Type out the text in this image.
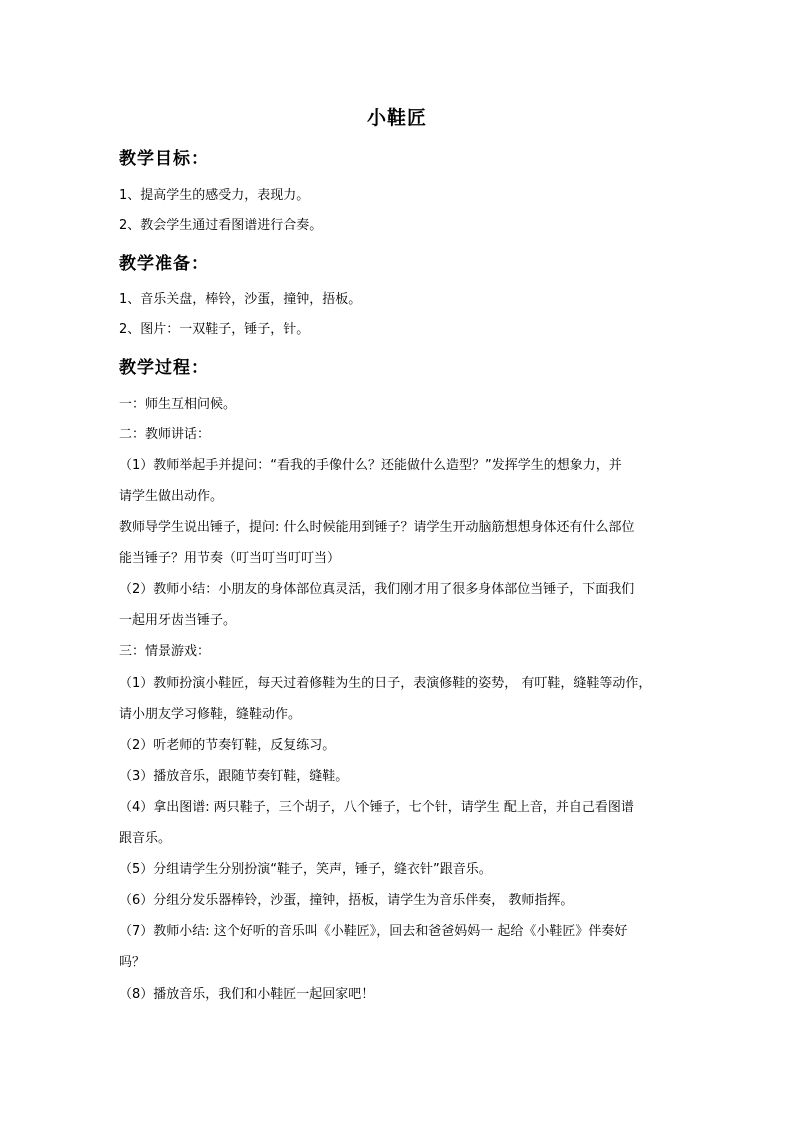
小鞋匠
教学目标：
1、提高学生的感受力，表现力。
2、教会学生通过看图谱进行合奏。
教学准备：
1、音乐关盘，棒铃，沙蛋，撞钟，捂板。
2、图片：一双鞋子，锤子，针。
教学过程：
一：师生互相问候。
二：教师讲话：
（1）教师举起手并提问：“看我的手像什么？还能做什么造型？”发挥学生的想象力，并
请学生做出动作。
教师导学生说出锤子，提问: 什么时候能用到锤子？请学生开动脑筋想想身体还有什么部位
能当锤子？用节奏（叮当叮当叮叮当）
（2）教师小结：小朋友的身体部位真灵活，我们刚才用了很多身体部位当锤子，下面我们
一起用牙齿当锤子。
三：情景游戏：
（1）教师扮演小鞋匠，每天过着修鞋为生的日子，表演修鞋的姿势， 有叮鞋，缝鞋等动作，
请小朋友学习修鞋，缝鞋动作。
（2）听老师的节奏钉鞋，反复练习。
（3）播放音乐，跟随节奏钉鞋，缝鞋。
（4）拿出图谱: 两只鞋子，三个胡子，八个锤子，七个针，请学生 配上音，并自己看图谱
跟音乐。
（5）分组请学生分别扮演“鞋子，笑声，锤子，缝衣针”跟音乐。
（6）分组分发乐器棒铃，沙蛋，撞钟，捂板，请学生为音乐伴奏， 教师指挥。
（7）教师小结: 这个好听的音乐叫《小鞋匠》，回去和爸爸妈妈一 起给《小鞋匠》伴奏好
吗？
（8）播放音乐，我们和小鞋匠一起回家吧！
